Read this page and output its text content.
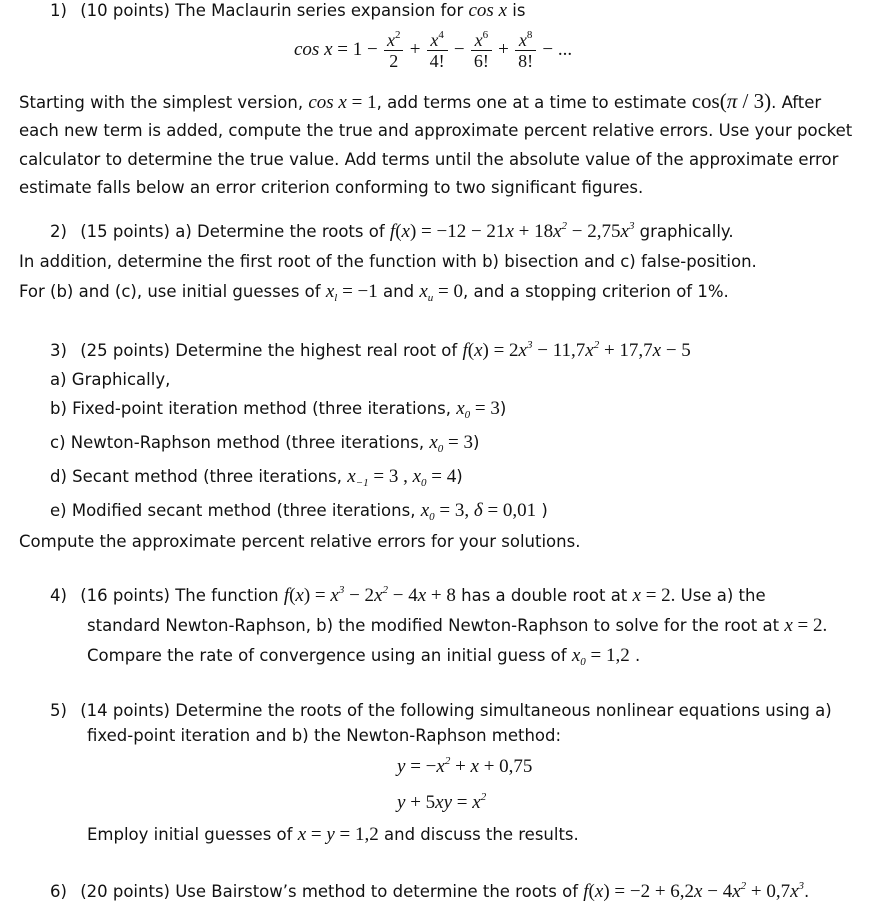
1) (10 points) The Maclaurin series expansion for cos x is
$\cos x = 1 - \frac{x^2}{2} + \frac{x^4}{4!} - \frac{x^6}{6!} + \frac{x^8}{8!}$ − ...
Starting with the simplest version, cos x = 1, add terms one at a time to estimate cos(π / 3). After
each new term is added, compute the true and approximate percent relative errors. Use your pocket
calculator to determine the true value. Add terms until the absolute value of the approximate error
estimate falls below an error criterion conforming to two significant figures.
2) (15 points) a) Determine the roots of $f(x) = -12 - 21x + 18x^2 - 2,75x^3$ graphically.
In addition, determine the first root of the function with b) bisection and c) false-position.
For (b) and (c), use initial guesses of $x_l = -1$ and $x_u = 0$, and a stopping criterion of 1%.
3) (25 points) Determine the highest real root of $f(x) = 2x^3 - 11,7x^2 + 17,7x - 5$
a) Graphically,
b) Fixed-point iteration method (three iterations, $x_0 = 3$)
c) Newton-Raphson method (three iterations, $x_0 = 3$)
d) Secant method (three iterations, $x_{-1} = 3$ , $x_0 = 4$)
e) Modified secant method (three iterations, $x_0 = 3$, δ = 0,01 )
Compute the approximate percent relative errors for your solutions.
4) (16 points) The function $f(x) = x^3 - 2x^2 - 4x + 8$ has a double root at x = 2. Use a) the
standard Newton-Raphson, b) the modified Newton-Raphson to solve for the root at x = 2.
Compare the rate of convergence using an initial guess of $x_0 = 1,2$ .
5) (14 points) Determine the roots of the following simultaneous nonlinear equations using a)
fixed-point iteration and b) the Newton-Raphson method:
$y = -x^2 + x + 0,75$
$y + 5xy = x^2$
Employ initial guesses of x = y = 1,2 and discuss the results.
6) (20 points) Use Bairstow’s method to determine the roots of $f(x) = -2 + 6,2x - 4x^2 + 0,7x^3$.
